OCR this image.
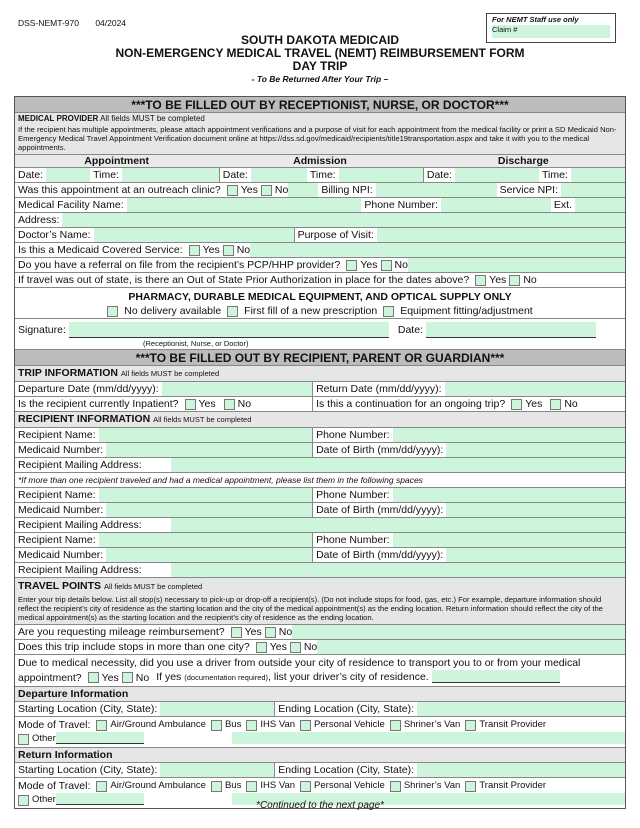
DSS-NEMT-970 04/2024	For NEMT Staff use only
Claim #
SOUTH DAKOTA MEDICAID
NON-EMERGENCY MEDICAL TRAVEL (NEMT) REIMBURSEMENT FORM
DAY TRIP
- To Be Returned After Your Trip –
***TO BE FILLED OUT BY RECEPTIONIST, NURSE, OR DOCTOR***
MEDICAL PROVIDER All fields MUST be completed
If the recipient has multiple appointments, please attach appointment verifications and a purpose of visit for each appointment from the medical facility or print a SD Medicaid Non-Emergency Medical Travel Appointment Verification document online at https://dss.sd.gov/medicaid/recipients/title19transportation.aspx and take it with you to the medical appointments.
Appointment	Admission	Discharge
Date:	Time:	Date:	Time:	Date:	Time:
Was this appointment at an outreach clinic? Yes No	Billing NPI:	Service NPI:
Medical Facility Name:	Phone Number:	Ext.
Address:
Doctor’s Name:	Purpose of Visit:
Is this a Medicaid Covered Service: Yes No
Do you have a referral on file from the recipient’s PCP/HHP provider? Yes No
If travel was out of state, is there an Out of State Prior Authorization in place for the dates above? Yes No
PHARMACY, DURABLE MEDICAL EQUIPMENT, AND OPTICAL SUPPLY ONLY
No delivery available First fill of a new prescription Equipment fitting/adjustment
Signature:	Date:
(Receptionist, Nurse, or Doctor)
***TO BE FILLED OUT BY RECIPIENT, PARENT OR GUARDIAN***
TRIP INFORMATION All fields MUST be completed
Departure Date (mm/dd/yyyy):	Return Date (mm/dd/yyyy):
Is the recipient currently Inpatient? Yes No	Is this a continuation for an ongoing trip? Yes No
RECIPIENT INFORMATION All fields MUST be completed
Recipient Name:	Phone Number:
Medicaid Number:	Date of Birth (mm/dd/yyyy):
Recipient Mailing Address:
*If more than one recipient traveled and had a medical appointment, please list them in the following spaces
Recipient Name:	Phone Number:
Medicaid Number:	Date of Birth (mm/dd/yyyy):
Recipient Mailing Address:
Recipient Name:	Phone Number:
Medicaid Number:	Date of Birth (mm/dd/yyyy):
Recipient Mailing Address:
TRAVEL POINTS All fields MUST be completed
Enter your trip details below. List all stop(s) necessary to pick-up or drop-off a recipient(s). (Do not include stops for food, gas, etc.) For example, departure information should reflect the recipient’s city of residence as the starting location and the city of the medical appointment(s) as the ending location. Return information should reflect the city of the medical appointment(s) as the starting location and the recipient’s city of residence as the ending location.
Are you requesting mileage reimbursement? Yes No
Does this trip include stops in more than one city? Yes No
Due to medical necessity, did you use a driver from outside your city of residence to transport you to or from your medical
appointment? Yes No If yes (documentation required), list your driver’s city of residence.
Departure Information
Starting Location (City, State):	Ending Location (City, State):
Mode of Travel:	Air/Ground Ambulance Bus IHS Van Personal Vehicle Shriner’s Van Transit Provider
Other
Return Information
Starting Location (City, State):	Ending Location (City, State):
Mode of Travel:	Air/Ground Ambulance Bus IHS Van Personal Vehicle Shriner’s Van Transit Provider
Other
*Continued to the next page*
